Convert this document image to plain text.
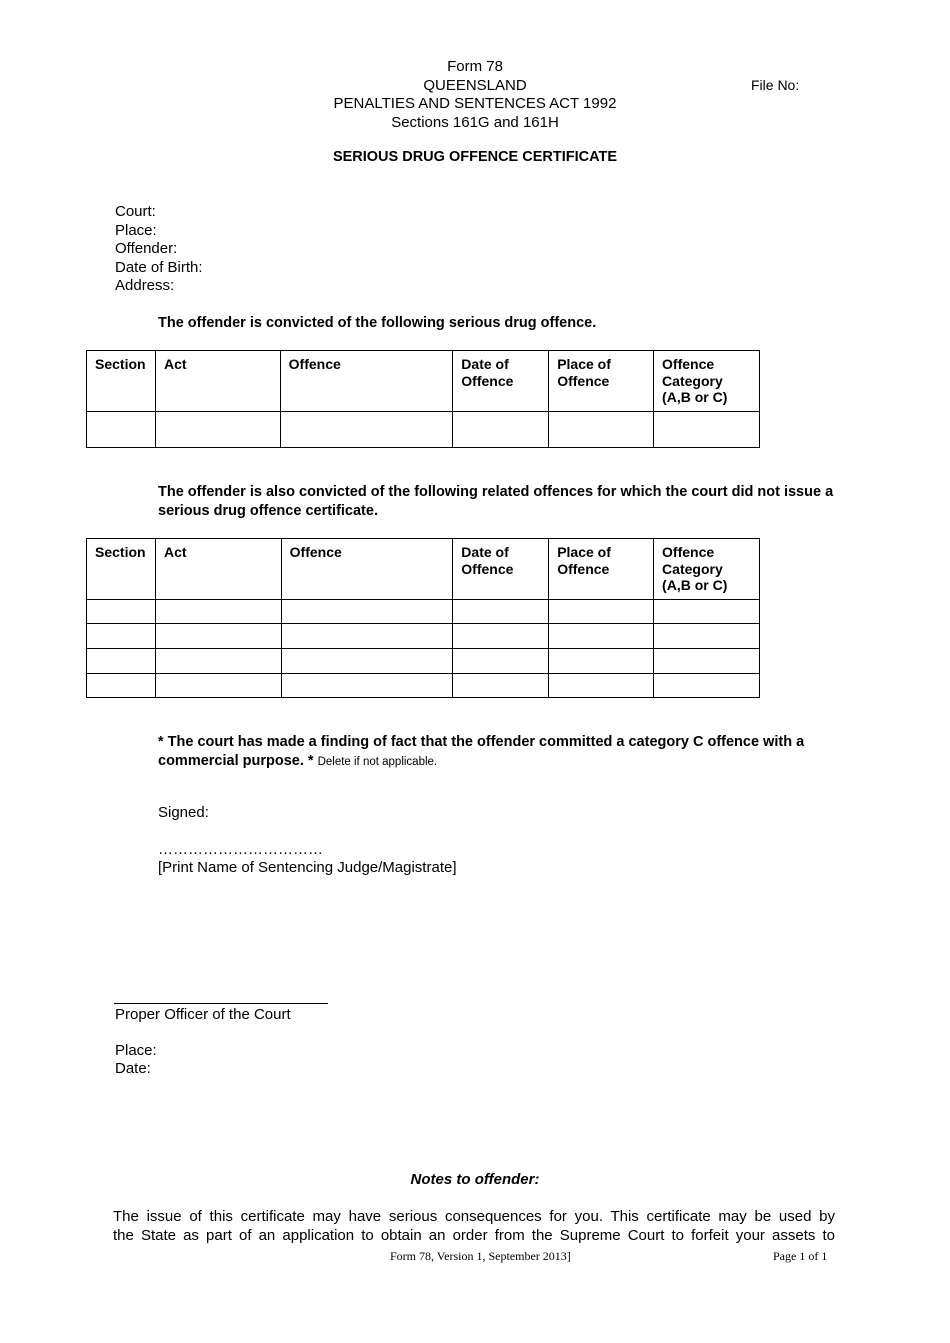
Form 78
QUEENSLAND
PENALTIES AND SENTENCES ACT 1992
Sections 161G and 161H
File No:
SERIOUS DRUG OFFENCE CERTIFICATE
Court:
Place:
Offender:
Date of Birth:
Address:
The offender is convicted of the following serious drug offence.
Section	Act	Offence	Date of Offence	Place of Offence	Offence Category (A,B or C)

The offender is also convicted of the following related offences for which the court did not issue a serious drug offence certificate.
Section	Act	Offence	Date of Offence	Place of Offence	Offence Category (A,B or C)

* The court has made a finding of fact that the offender committed a category C offence with a commercial purpose. * Delete if not applicable.
Signed:
……………………………
[Print Name of Sentencing Judge/Magistrate]
Proper Officer of the Court
Place:
Date:
Notes to offender:
The issue of this certificate may have serious consequences for you. This certificate may be used by
the State as part of an application to obtain an order from the Supreme Court to forfeit your assets to
Form 78, Version 1, September 2013]	Page 1 of 1
